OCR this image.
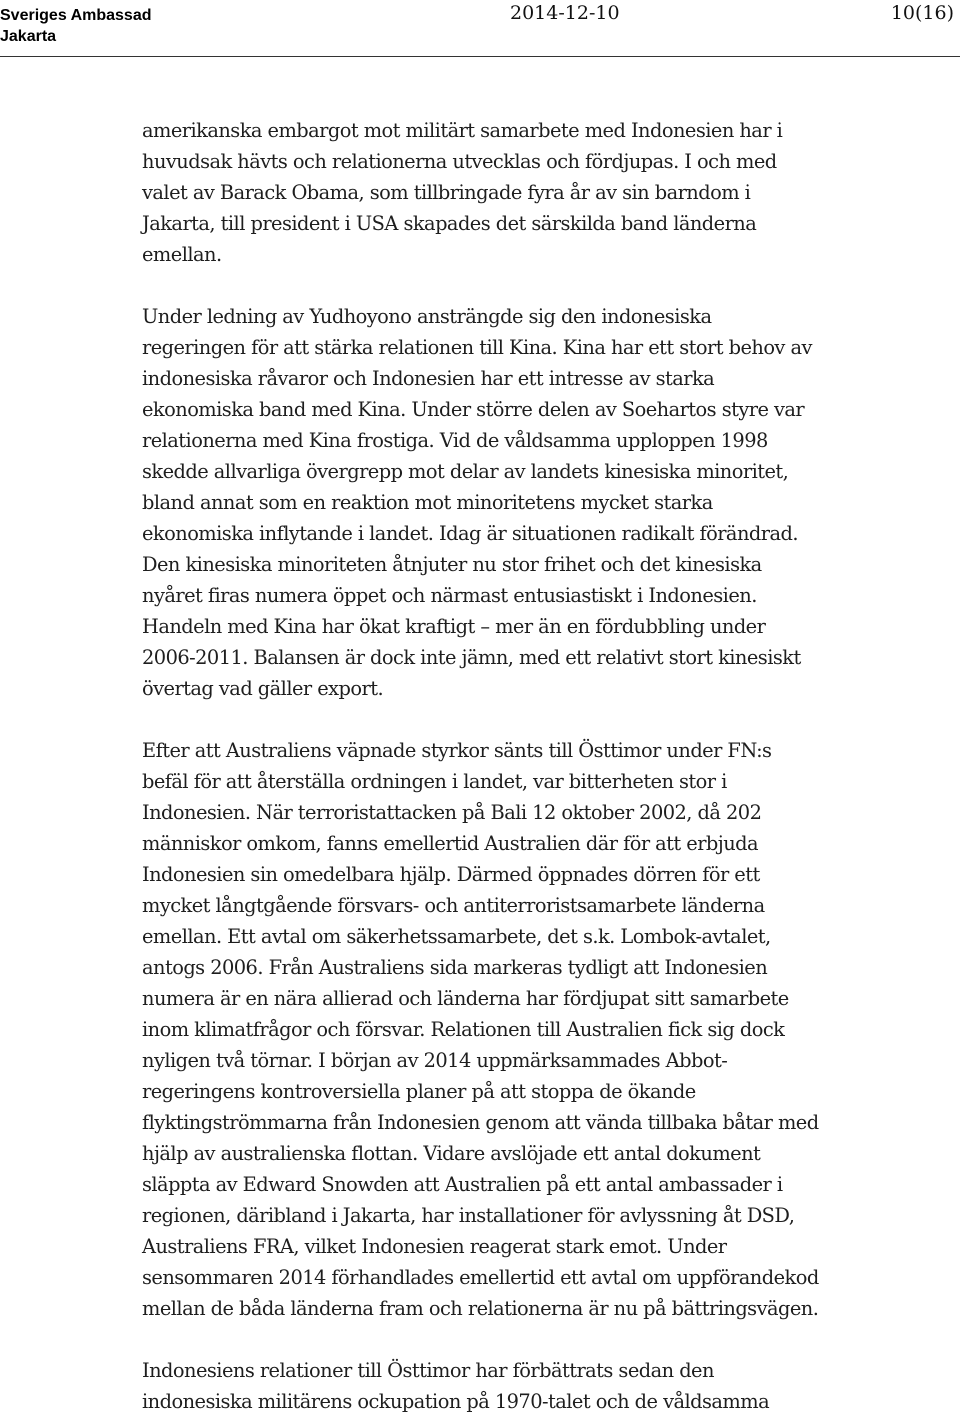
Sveriges Ambassad
Jakarta
2014-12-10	10(16)
amerikanska embargot mot militärt samarbete med Indonesien har i
huvudsak hävts och relationerna utvecklas och fördjupas. I och med
valet av Barack Obama, som tillbringade fyra år av sin barndom i
Jakarta, till president i USA skapades det särskilda band länderna
emellan.
Under ledning av Yudhoyono ansträngde sig den indonesiska
regeringen för att stärka relationen till Kina. Kina har ett stort behov av
indonesiska råvaror och Indonesien har ett intresse av starka
ekonomiska band med Kina. Under större delen av Soehartos styre var
relationerna med Kina frostiga. Vid de våldsamma upploppen 1998
skedde allvarliga övergrepp mot delar av landets kinesiska minoritet,
bland annat som en reaktion mot minoritetens mycket starka
ekonomiska inflytande i landet. Idag är situationen radikalt förändrad.
Den kinesiska minoriteten åtnjuter nu stor frihet och det kinesiska
nyåret firas numera öppet och närmast entusiastiskt i Indonesien.
Handeln med Kina har ökat kraftigt – mer än en fördubbling under
2006-2011. Balansen är dock inte jämn, med ett relativt stort kinesiskt
övertag vad gäller export.
Efter att Australiens väpnade styrkor sänts till Östtimor under FN:s
befäl för att återställa ordningen i landet, var bitterheten stor i
Indonesien. När terroristattacken på Bali 12 oktober 2002, då 202
människor omkom, fanns emellertid Australien där för att erbjuda
Indonesien sin omedelbara hjälp. Därmed öppnades dörren för ett
mycket långtgående försvars- och antiterroristsamarbete länderna
emellan. Ett avtal om säkerhetssamarbete, det s.k. Lombok-avtalet,
antogs 2006. Från Australiens sida markeras tydligt att Indonesien
numera är en nära allierad och länderna har fördjupat sitt samarbete
inom klimatfrågor och försvar. Relationen till Australien fick sig dock
nyligen två törnar. I början av 2014 uppmärksammades Abbot-
regeringens kontroversiella planer på att stoppa de ökande
flyktingströmmarna från Indonesien genom att vända tillbaka båtar med
hjälp av australienska flottan. Vidare avslöjade ett antal dokument
släppta av Edward Snowden att Australien på ett antal ambassader i
regionen, däribland i Jakarta, har installationer för avlyssning åt DSD,
Australiens FRA, vilket Indonesien reagerat stark emot. Under
sensommaren 2014 förhandlades emellertid ett avtal om uppförandekod
mellan de båda länderna fram och relationerna är nu på bättringsvägen.
Indonesiens relationer till Östtimor har förbättrats sedan den
indonesiska militärens ockupation på 1970-talet och de våldsamma
